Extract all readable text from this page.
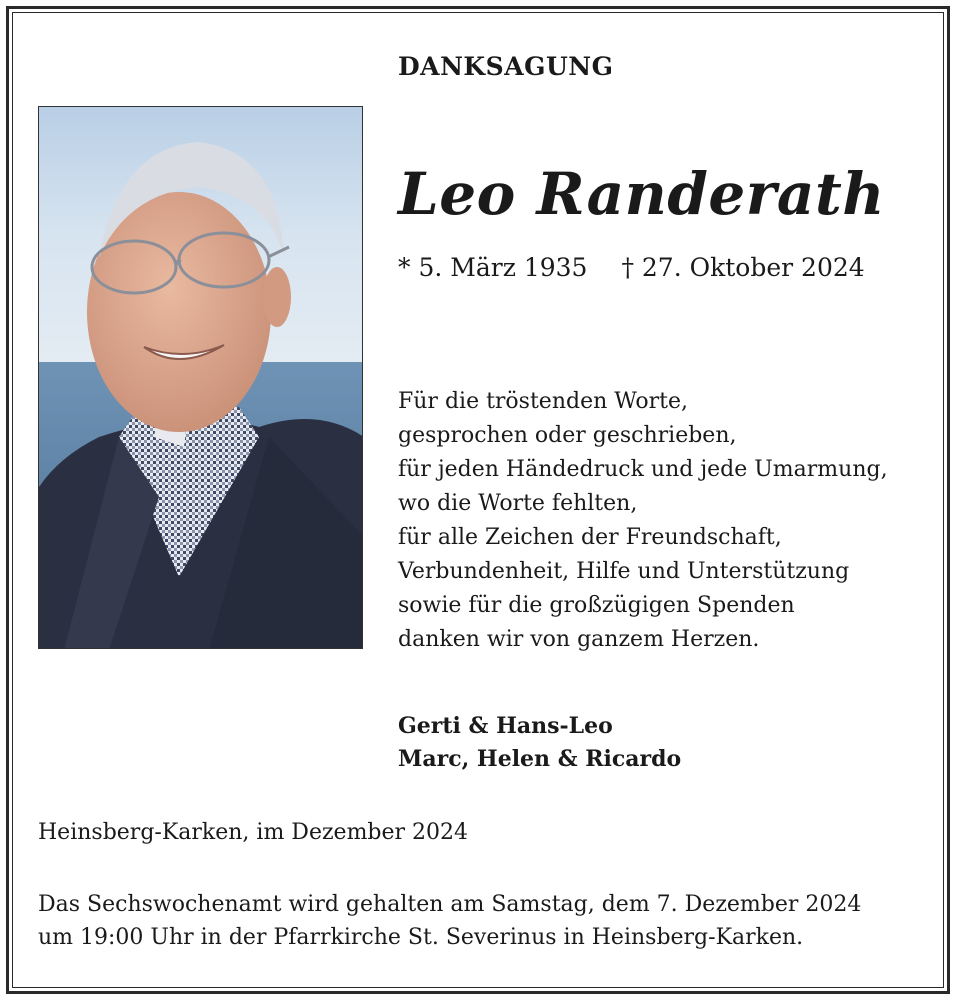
DANKSAGUNG
Leo Randerath
* 5. März 1935 † 27. Oktober 2024
Für die tröstenden Worte,
gesprochen oder geschrieben,
für jeden Händedruck und jede Umarmung,
wo die Worte fehlten,
für alle Zeichen der Freundschaft,
Verbundenheit, Hilfe und Unterstützung
sowie für die großzügigen Spenden
danken wir von ganzem Herzen.
Gerti & Hans-Leo
Marc, Helen & Ricardo
Heinsberg-Karken, im Dezember 2024
Das Sechswochenamt wird gehalten am Samstag, dem 7. Dezember 2024
um 19:00 Uhr in der Pfarrkirche St. Severinus in Heinsberg-Karken.
